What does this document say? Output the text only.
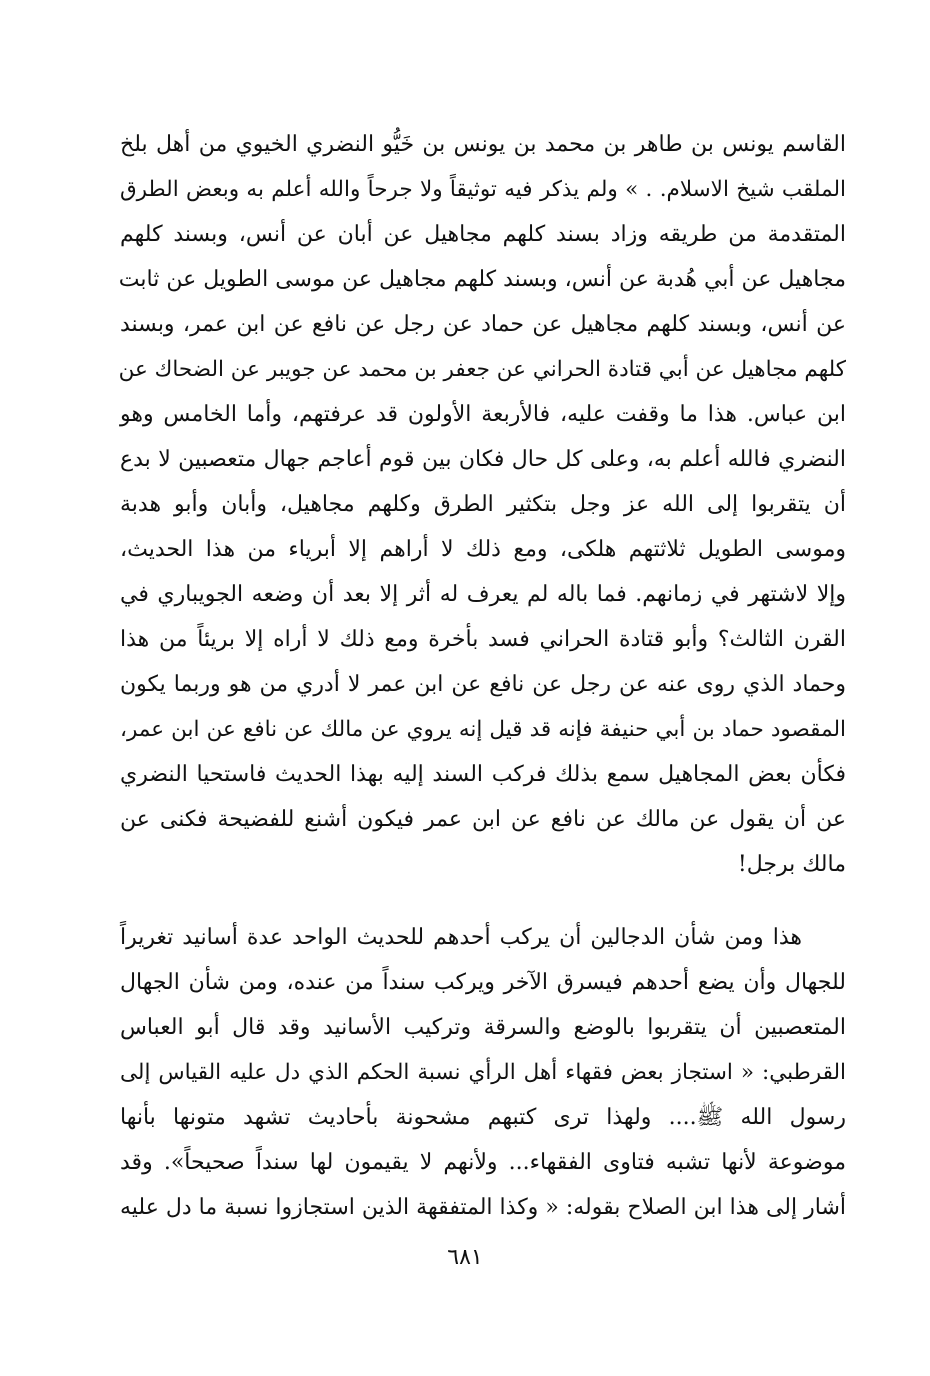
القاسم يونس بن طاهر بن محمد بن يونس بن خَيُّو النضري الخيوي من أهل بلخ
الملقب شيخ الاسلام. . » ولم يذكر فيه توثيقاً ولا جرحاً والله أعلم به وبعض الطرق
المتقدمة من طريقه وزاد بسند كلهم مجاهيل عن أبان عن أنس، وبسند كلهم
مجاهيل عن أبي هُدبة عن أنس، وبسند كلهم مجاهيل عن موسى الطويل عن ثابت
عن أنس، وبسند كلهم مجاهيل عن حماد عن رجل عن نافع عن ابن عمر، وبسند
كلهم مجاهيل عن أبي قتادة الحراني عن جعفر بن محمد عن جويبر عن الضحاك عن
ابن عباس. هذا ما وقفت عليه، فالأربعة الأولون قد عرفتهم، وأما الخامس وهو
النضري فالله أعلم به، وعلى كل حال فكان بين قوم أعاجم جهال متعصبين لا بدع
أن يتقربوا إلى الله عز وجل بتكثير الطرق وكلهم مجاهيل، وأبان وأبو هدبة
وموسى الطويل ثلاثتهم هلكى، ومع ذلك لا أراهم إلا أبرياء من هذا الحديث،
وإلا لاشتهر في زمانهم. فما باله لم يعرف له أثر إلا بعد أن وضعه الجويباري في
القرن الثالث؟ وأبو قتادة الحراني فسد بأخرة ومع ذلك لا أراه إلا بريئاً من هذا
وحماد الذي روى عنه عن رجل عن نافع عن ابن عمر لا أدري من هو وربما يكون
المقصود حماد بن أبي حنيفة فإنه قد قيل إنه يروي عن مالك عن نافع عن ابن عمر،
فكأن بعض المجاهيل سمع بذلك فركب السند إليه بهذا الحديث فاستحيا النضري
عن أن يقول عن مالك عن نافع عن ابن عمر فيكون أشنع للفضيحة فكنى عن
مالك برجل!
هذا ومن شأن الدجالين أن يركب أحدهم للحديث الواحد عدة أسانيد تغريراً
للجهال وأن يضع أحدهم فيسرق الآخر ويركب سنداً من عنده، ومن شأن الجهال
المتعصبين أن يتقربوا بالوضع والسرقة وتركيب الأسانيد وقد قال أبو العباس
القرطبي: « استجاز بعض فقهاء أهل الرأي نسبة الحكم الذي دل عليه القياس إلى
رسول الله ﷺ.... ولهذا ترى كتبهم مشحونة بأحاديث تشهد متونها بأنها
موضوعة لأنها تشبه فتاوى الفقهاء... ولأنهم لا يقيمون لها سنداً صحيحاً». وقد
أشار إلى هذا ابن الصلاح بقوله: « وكذا المتفقهة الذين استجازوا نسبة ما دل عليه
٦٨١
